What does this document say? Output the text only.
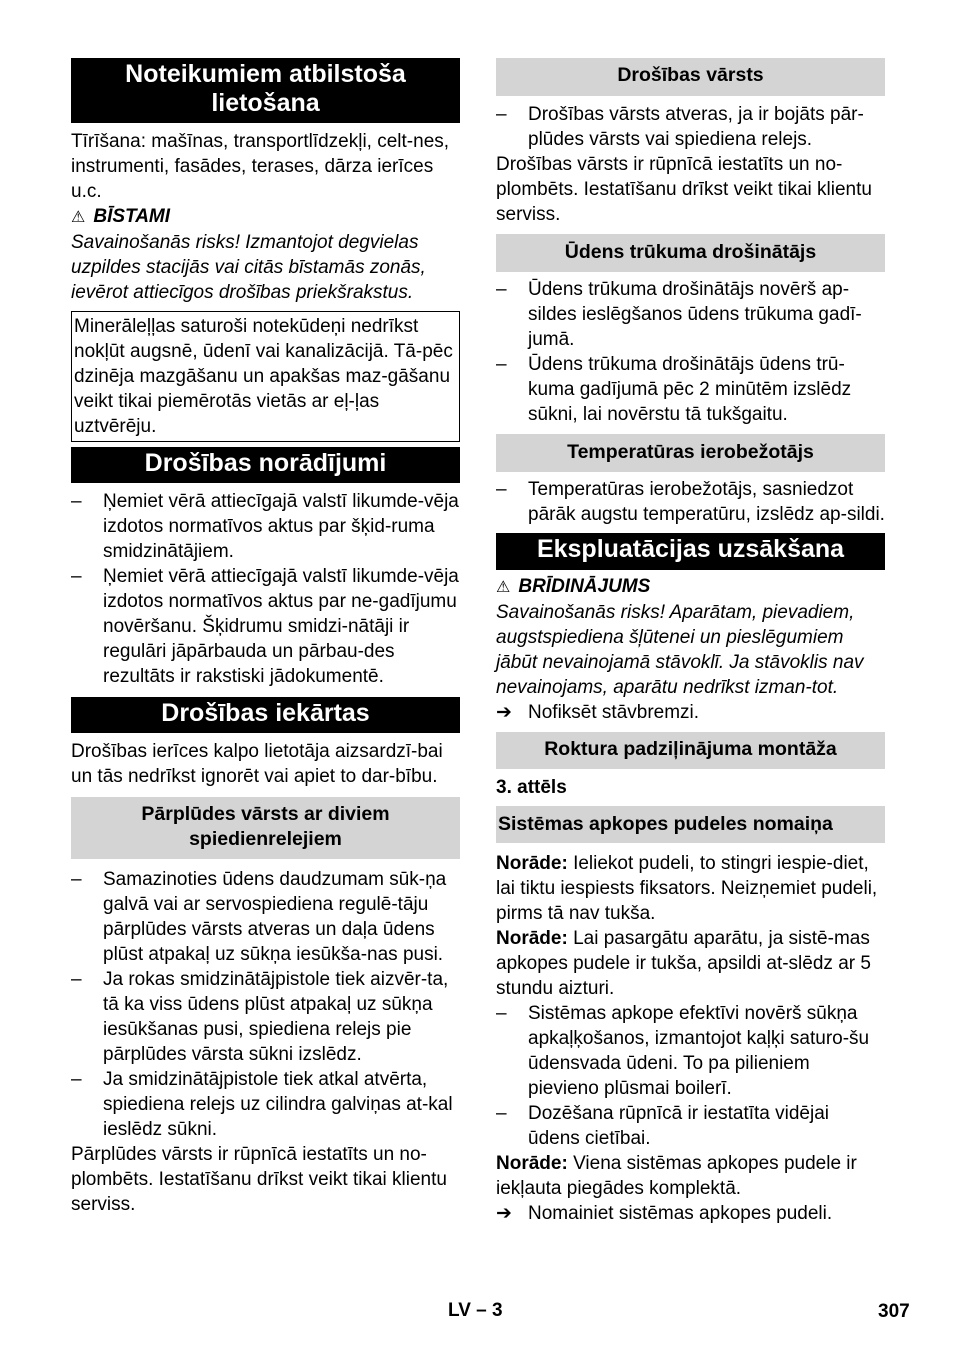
Noteikumiem atbilstoša lietošana

Tīrīšana: mašīnas, transportlīdzekļi, celt-nes, instrumenti, fasādes, terases, dārza ierīces u.c.

⚠ BĪSTAMI

Savainošanās risks! Izmantojot degvielas uzpildes stacijās vai citās bīstamās zonās, ievērot attiecīgos drošības priekšrakstus.

Minerāleļļas saturoši notekūdeņi nedrīkst nokļūt augsnē, ūdenī vai kanalizācijā. Tā-pēc dzinēja mazgāšanu un apakšas maz-gāšanu veikt tikai piemērotās vietās ar eļ-ļas uztvērēju.

Drošības norādījumi
– Ņemiet vērā attiecīgajā valstī likumde-vēja izdotos normatīvos aktus par šķid-ruma smidzinātājiem.
– Ņemiet vērā attiecīgajā valstī likumde-vēja izdotos normatīvos aktus par ne-gadījumu novēršanu. Šķidrumu smidzi-nātāji ir regulāri jāpārbauda un pārbau-des rezultāts ir rakstiski jādokumentē.
Drošības iekārtas

Drošības ierīces kalpo lietotāja aizsardzī-bai un tās nedrīkst ignorēt vai apiet to dar-bību.

Pārplūdes vārsts ar diviem spiedienrelejiem
– Samazinoties ūdens daudzumam sūk-ņa galvā vai ar servospiediena regulē-tāju pārplūdes vārsts atveras un daļa ūdens plūst atpakaļ uz sūkņa iesūkša-nas pusi.
– Ja rokas smidzinātājpistole tiek aizvēr-ta, tā ka viss ūdens plūst atpakaļ uz sūkņa iesūkšanas pusi, spiediena relejs pie pārplūdes vārsta sūkni izslēdz.
– Ja smidzinātājpistole tiek atkal atvērta, spiediena relejs uz cilindra galviņas at-kal ieslēdz sūkni.

Pārplūdes vārsts ir rūpnīcā iestatīts un no-plombēts. Iestatīšanu drīkst veikt tikai klientu serviss.

Drošības vārsts
– Drošības vārsts atveras, ja ir bojāts pār-plūdes vārsts vai spiediena relejs.

Drošības vārsts ir rūpnīcā iestatīts un no-plombēts. Iestatīšanu drīkst veikt tikai klientu serviss.

Ūdens trūkuma drošinātājs
– Ūdens trūkuma drošinātājs novērš ap-sildes ieslēgšanos ūdens trūkuma gadī-jumā.
– Ūdens trūkuma drošinātājs ūdens trū-kuma gadījumā pēc 2 minūtēm izslēdz sūkni, lai novērstu tā tukšgaitu.
Temperatūras ierobežotājs
– Temperatūras ierobežotājs, sasniedzot pārāk augstu temperatūru, izslēdz ap-sildi.
Ekspluatācijas uzsākšana

⚠ BRĪDINĀJUMS

Savainošanās risks! Aparātam, pievadiem, augstspiediena šļūtenei un pieslēgumiem jābūt nevainojamā stāvoklī. Ja stāvoklis nav nevainojams, aparātu nedrīkst izman-tot.

➔ Nofiksēt stāvbremzi.

Roktura padziļinājuma montāža

3. attēls

Sistēmas apkopes pudeles nomaiņa

Norāde: Ieliekot pudeli, to stingri iespie-diet, lai tiktu iespiests fiksators. Neizņemiet pudeli, pirms tā nav tukša.

Norāde: Lai pasargātu aparātu, ja sistē-mas apkopes pudele ir tukša, apsildi at-slēdz ar 5 stundu aizturi.

– Sistēmas apkope efektīvi novērš sūkņa apkaļķošanos, izmantojot kaļķi saturo-šu ūdensvada ūdeni. To pa pilieniem pievieno plūsmai boilerī.
– Dozēšana rūpnīcā ir iestatīta vidējai ūdens cietībai.

Norāde: Viena sistēmas apkopes pudele ir iekļauta piegādes komplektā.

➔ Nomainiet sistēmas apkopes pudeli.

LV – 3	307
